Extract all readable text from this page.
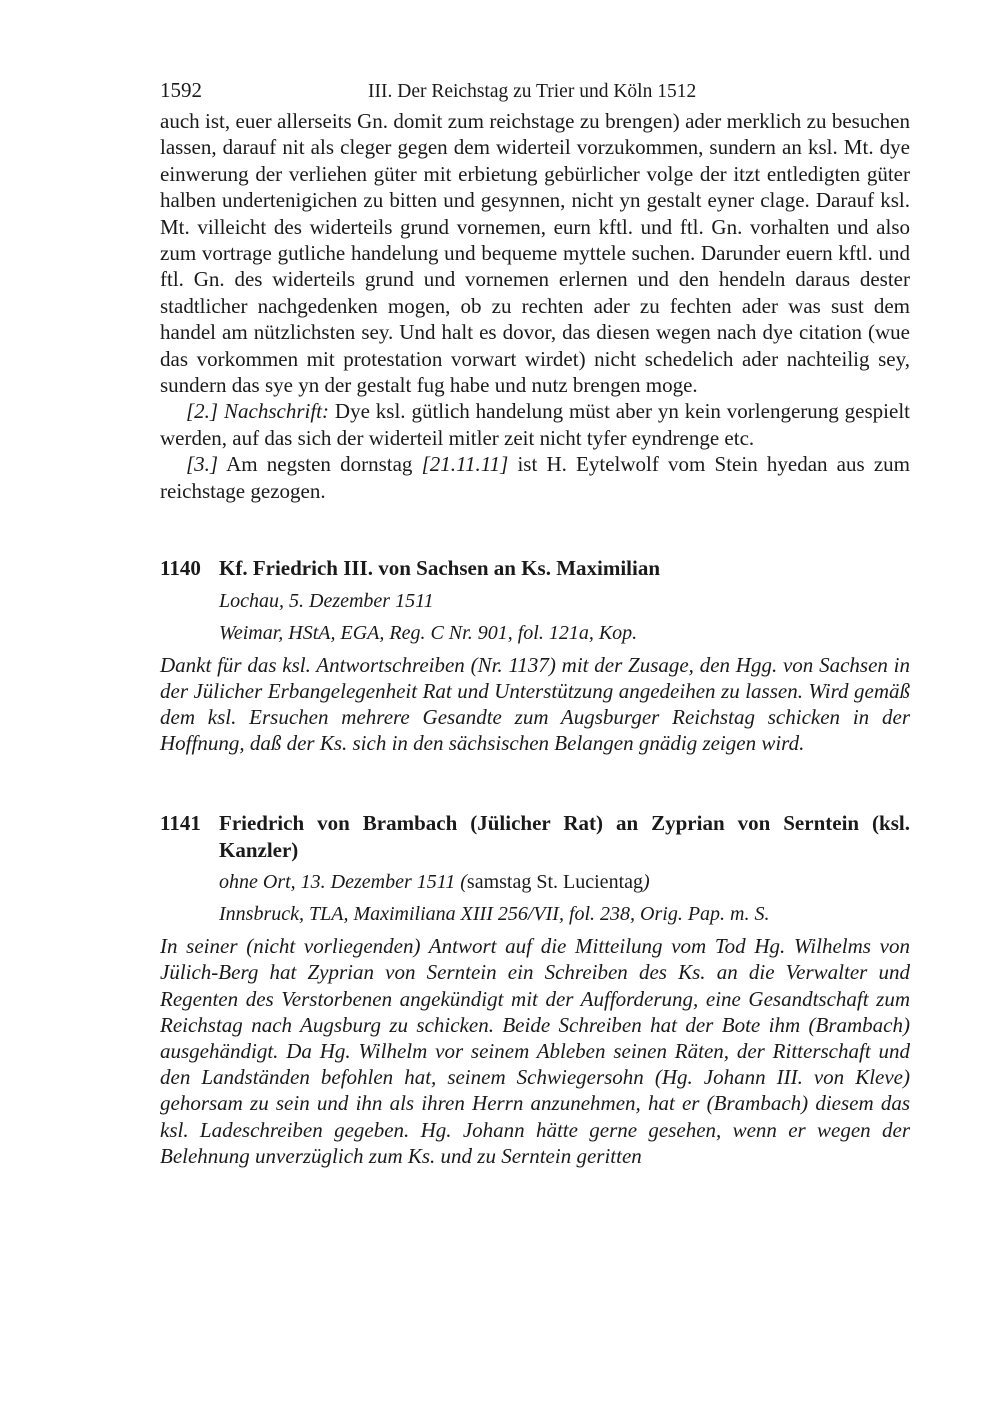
1592	III. Der Reichstag zu Trier und Köln 1512

auch ist, euer allerseits Gn. domit zum reichstage zu brengen) ader merklich zu besuchen lassen, darauf nit als cleger gegen dem widerteil vorzukommen, sundern an ksl. Mt. dye einwerung der verliehen güter mit erbietung gebürlicher volge der itzt entledigten güter halben undertenigichen zu bitten und gesynnen, nicht yn gestalt eyner clage. Darauf ksl. Mt. villeicht des widerteils grund vornemen, eurn kftl. und ftl. Gn. vorhalten und also zum vortrage gutliche handelung und bequeme myttele suchen. Darunder euern kftl. und ftl. Gn. des widerteils grund und vornemen erlernen und den hendeln daraus dester stadtlicher nachgedenken mogen, ob zu rechten ader zu fechten ader was sust dem handel am nützlichsten sey. Und halt es dovor, das diesen wegen nach dye citation (wue das vorkommen mit protestation vorwart wirdet) nicht schedelich ader nachteilig sey, sundern das sye yn der gestalt fug habe und nutz brengen moge.

[2.] Nachschrift: Dye ksl. gütlich handelung müst aber yn kein vorlengerung gespielt werden, auf das sich der widerteil mitler zeit nicht tyfer eyndrenge etc.

[3.] Am negsten dornstag [21.11.11] ist H. Eytelwolf vom Stein hyedan aus zum reichstage gezogen.

1140 Kf. Friedrich III. von Sachsen an Ks. Maximilian
Lochau, 5. Dezember 1511
Weimar, HStA, EGA, Reg. C Nr. 901, fol. 121a, Kop.

Dankt für das ksl. Antwortschreiben (Nr. 1137) mit der Zusage, den Hgg. von Sachsen in der Jülicher Erbangelegenheit Rat und Unterstützung angedeihen zu lassen. Wird gemäß dem ksl. Ersuchen mehrere Gesandte zum Augsburger Reichstag schicken in der Hoffnung, daß der Ks. sich in den sächsischen Belangen gnädig zeigen wird.

1141 Friedrich von Brambach (Jülicher Rat) an Zyprian von Serntein (ksl. Kanzler)
ohne Ort, 13. Dezember 1511 (samstag St. Lucientag)
Innsbruck, TLA, Maximiliana XIII 256/VII, fol. 238, Orig. Pap. m. S.

In seiner (nicht vorliegenden) Antwort auf die Mitteilung vom Tod Hg. Wilhelms von Jülich-Berg hat Zyprian von Serntein ein Schreiben des Ks. an die Verwalter und Regenten des Verstorbenen angekündigt mit der Aufforderung, eine Gesandtschaft zum Reichstag nach Augsburg zu schicken. Beide Schreiben hat der Bote ihm (Brambach) ausgehändigt. Da Hg. Wilhelm vor seinem Ableben seinen Räten, der Ritterschaft und den Landständen befohlen hat, seinem Schwiegersohn (Hg. Johann III. von Kleve) gehorsam zu sein und ihn als ihren Herrn anzunehmen, hat er (Brambach) diesem das ksl. Ladeschreiben gegeben. Hg. Johann hätte gerne gesehen, wenn er wegen der Belehnung unverzüglich zum Ks. und zu Serntein geritten
